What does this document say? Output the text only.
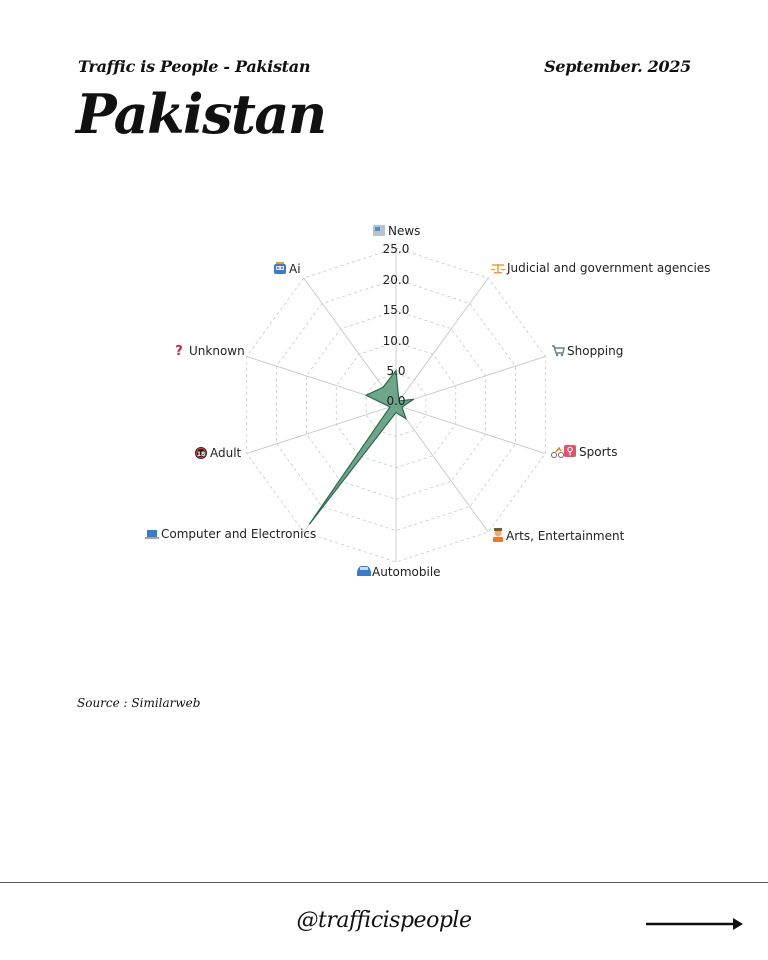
Traffic is People - Pakistan	September. 2025
Pakistan
0.0
5.0
10.0
15.0
20.0
25.0
News
Judicial and government agencies
Shopping
Sports
Arts, Entertainment
Automobile
Computer and Electronics
18 Adult
? Unknown
Ai
Source : Similarweb
@trafficispeople
